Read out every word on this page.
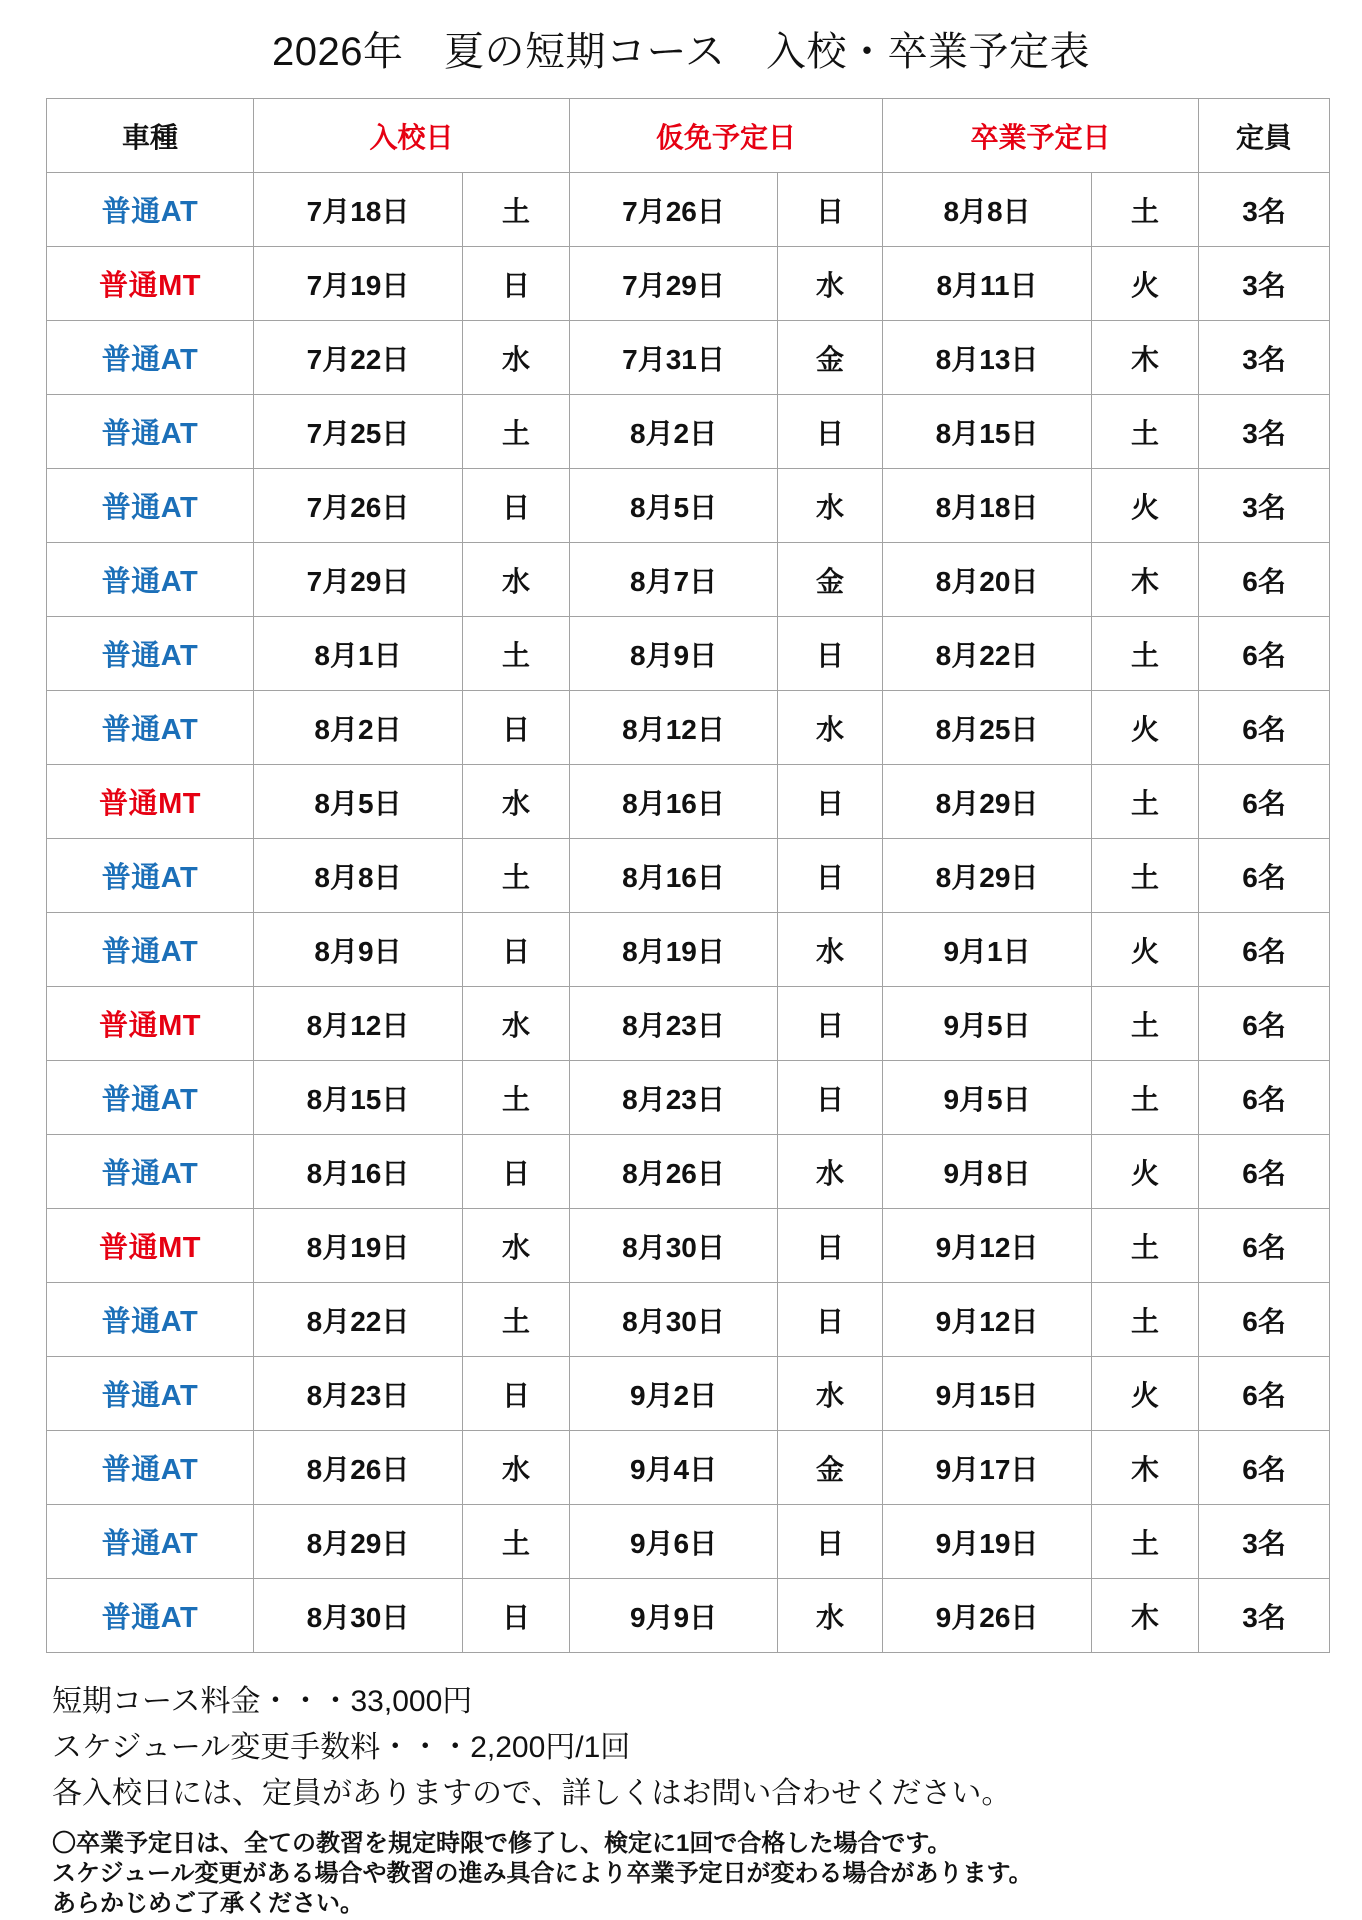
2026年　夏の短期コース　入校・卒業予定表
車種	入校日		仮免予定日		卒業予定日		定員
普通AT	7月18日	土	7月26日	日	8月8日	土	3名
普通MT	7月19日	日	7月29日	水	8月11日	火	3名
普通AT	7月22日	水	7月31日	金	8月13日	木	3名
普通AT	7月25日	土	8月2日	日	8月15日	土	3名
普通AT	7月26日	日	8月5日	水	8月18日	火	3名
普通AT	7月29日	水	8月7日	金	8月20日	木	6名
普通AT	8月1日	土	8月9日	日	8月22日	土	6名
普通AT	8月2日	日	8月12日	水	8月25日	火	6名
普通MT	8月5日	水	8月16日	日	8月29日	土	6名
普通AT	8月8日	土	8月16日	日	8月29日	土	6名
普通AT	8月9日	日	8月19日	水	9月1日	火	6名
普通MT	8月12日	水	8月23日	日	9月5日	土	6名
普通AT	8月15日	土	8月23日	日	9月5日	土	6名
普通AT	8月16日	日	8月26日	水	9月8日	火	6名
普通MT	8月19日	水	8月30日	日	9月12日	土	6名
普通AT	8月22日	土	8月30日	日	9月12日	土	6名
普通AT	8月23日	日	9月2日	水	9月15日	火	6名
普通AT	8月26日	水	9月4日	金	9月17日	木	6名
普通AT	8月29日	土	9月6日	日	9月19日	土	3名
普通AT	8月30日	日	9月9日	水	9月26日	木	3名
短期コース料金・・・33,000円
スケジュール変更手数料・・・2,200円/1回
各入校日には、定員がありますので、詳しくはお問い合わせください。
〇卒業予定日は、全ての教習を規定時限で修了し、検定に1回で合格した場合です。
スケジュール変更がある場合や教習の進み具合により卒業予定日が変わる場合があります。
あらかじめご了承ください。
